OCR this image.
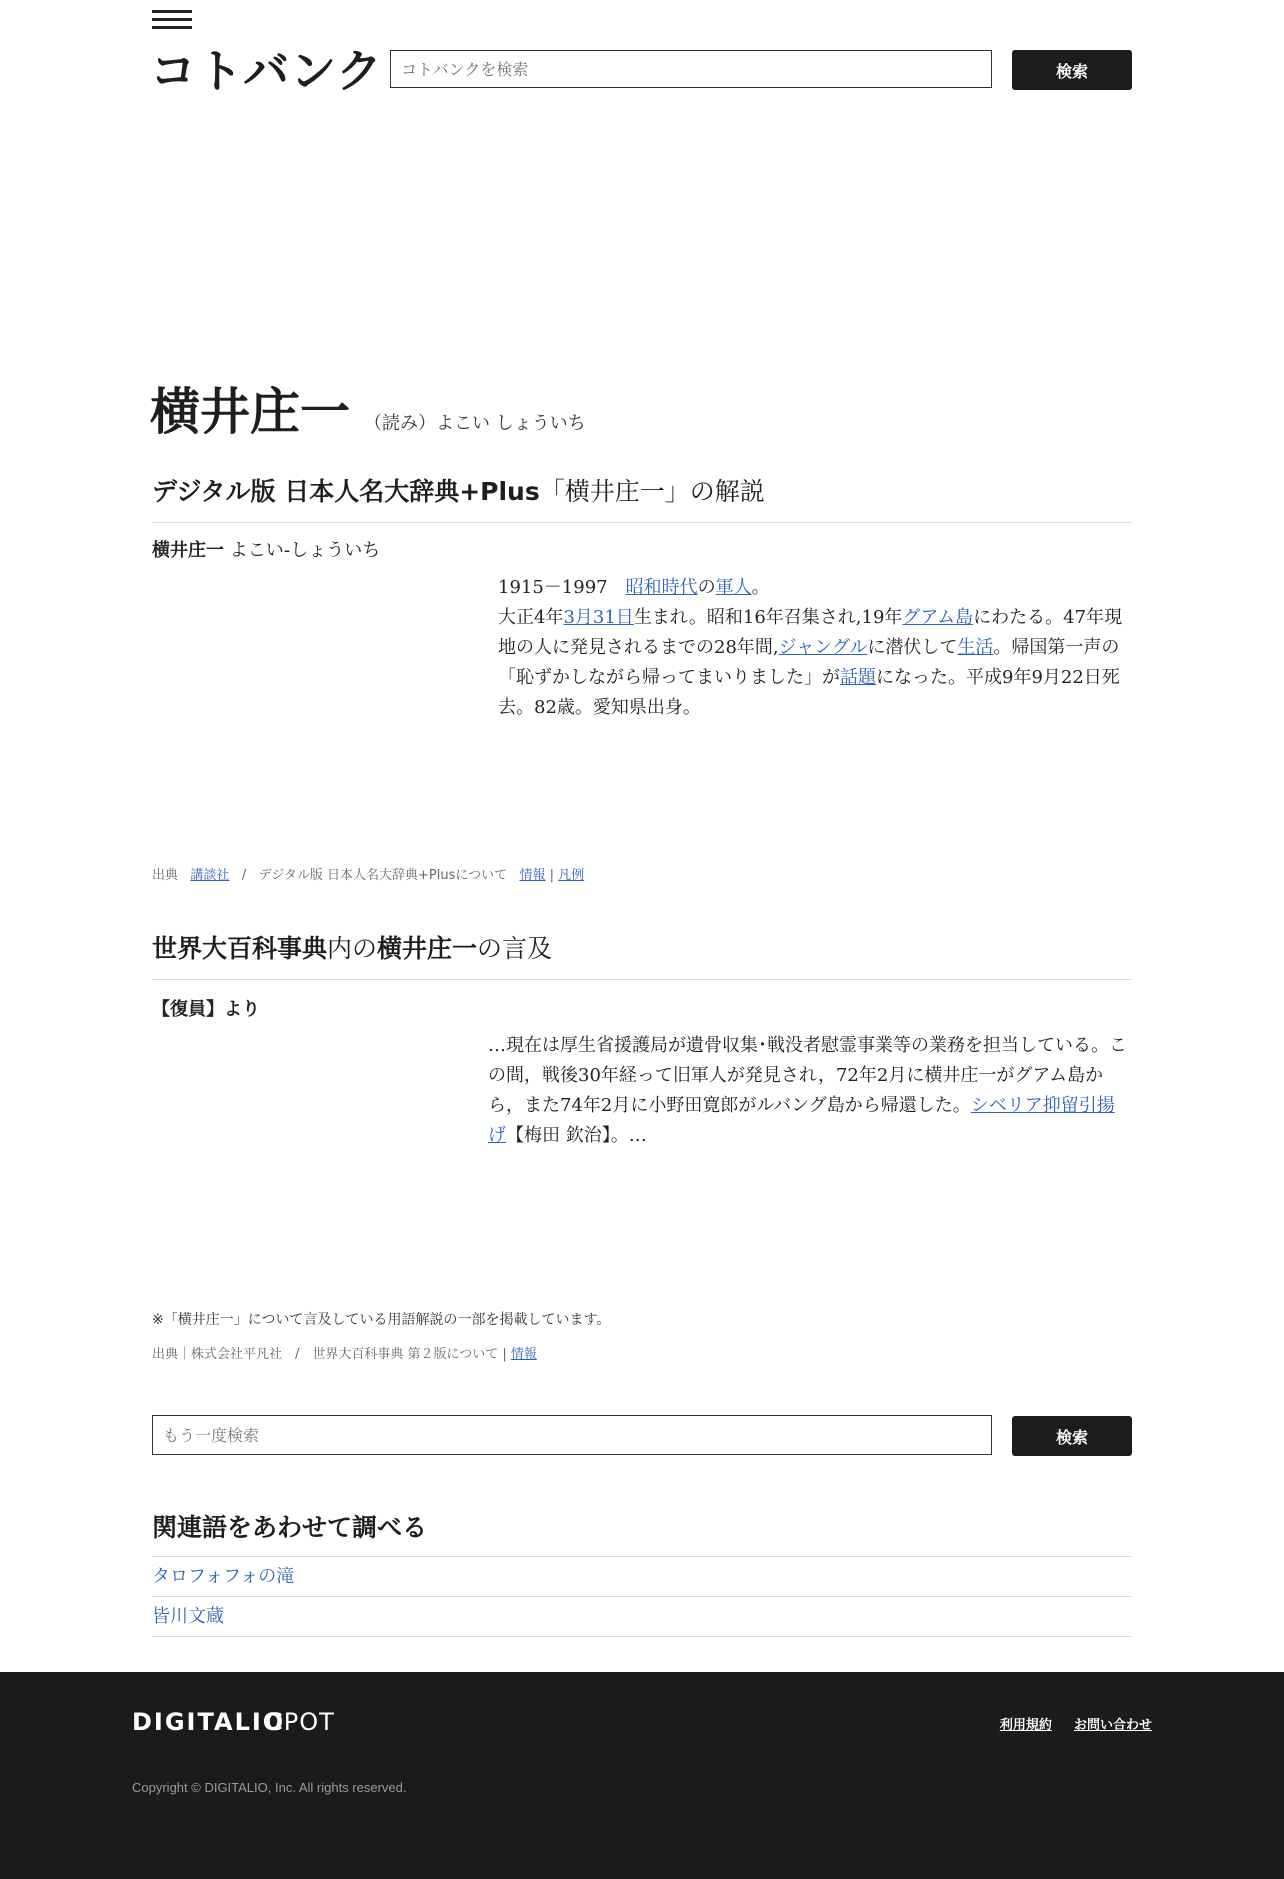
コトバンク
コトバンクを検索	検索
横井庄一 （読み）よこい しょういち
デジタル版 日本人名大辞典+Plus「横井庄一」の解説
横井庄一 よこい-しょういち
1915－1997　昭和時代の軍人。
大正4年3月31日生まれ。昭和16年召集され,19年グアム島にわたる。47年現地の人に発見されるまでの28年間,ジャングルに潜伏して生活。帰国第一声の「恥ずかしながら帰ってまいりました」が話題になった。平成9年9月22日死去。82歳。愛知県出身。
出典 講談社 / デジタル版 日本人名大辞典+Plusについて 情報 | 凡例
世界大百科事典内の横井庄一の言及
【復員】より
…現在は厚生省援護局が遺骨収集･戦没者慰霊事業等の業務を担当している。この間，戦後30年経って旧軍人が発見され，72年2月に横井庄一がグアム島から，また74年2月に小野田寛郎がルバング島から帰還した。シベリア抑留引揚げ【梅田 欽治】。…
※「横井庄一」について言及している用語解説の一部を掲載しています。
出典｜株式会社平凡社　/　世界大百科事典 第２版について | 情報
もう一度検索
検索
関連語をあわせて調べる
タロフォフォの滝
皆川文蔵
DIGITALIO
CPOT	利用規約 お問い合わせ
Copyright © DIGITALIO, Inc. All rights reserved.
